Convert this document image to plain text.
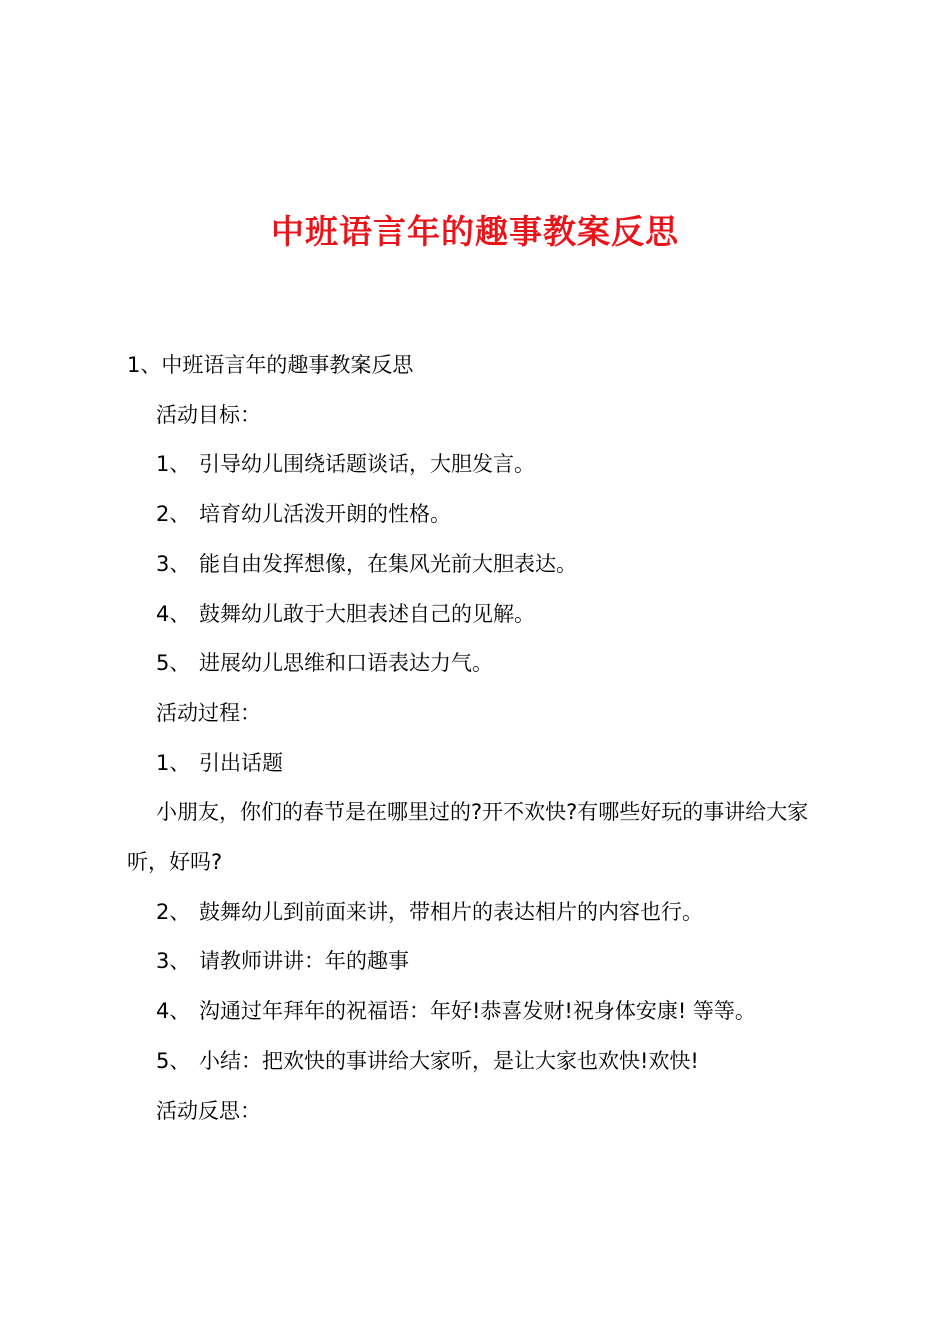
中班语言年的趣事教案反思

1、中班语言年的趣事教案反思

活动目标：

1、 引导幼儿围绕话题谈话，大胆发言。

2、 培育幼儿活泼开朗的性格。

3、 能自由发挥想像，在集风光前大胆表达。

4、 鼓舞幼儿敢于大胆表述自己的见解。

5、 进展幼儿思维和口语表达力气。

活动过程：

1、 引出话题

小朋友，你们的春节是在哪里过的?开不欢快?有哪些好玩的事讲给大家听，好吗?

2、 鼓舞幼儿到前面来讲，带相片的表达相片的内容也行。

3、 请教师讲讲：年的趣事

4、 沟通过年拜年的祝福语：年好!恭喜发财!祝身体安康! 等等。

5、 小结：把欢快的事讲给大家听，是让大家也欢快!欢快!

活动反思：
